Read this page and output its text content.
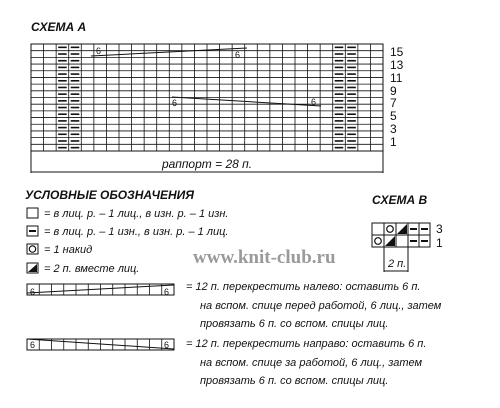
СХЕМА А
6	6
6	6
15
13
11
9
7
5
3
1
раппорт = 28 п.
УСЛОВНЫЕ ОБОЗНАЧЕНИЯ
= в лиц. р. – 1 лиц., в изн. р. – 1 изн.
= в лиц. р. – 1 изн., в изн. р. – 1 лиц.
= 1 накид
= 2 п. вместе лиц.
6	6 = 12 п. перекрестить налево: оставить 6 п.
на вспом. спице перед работой, 6 лиц., затем
провязать 6 п. со вспом. спицы лиц.
6	6 = 12 п. перекрестить направо: оставить 6 п.
на вспом. спице за работой, 6 лиц., затем
провязать 6 п. со вспом. спицы лиц.
СХЕМА В
2 п.
3
1
www.knit-club.ru
